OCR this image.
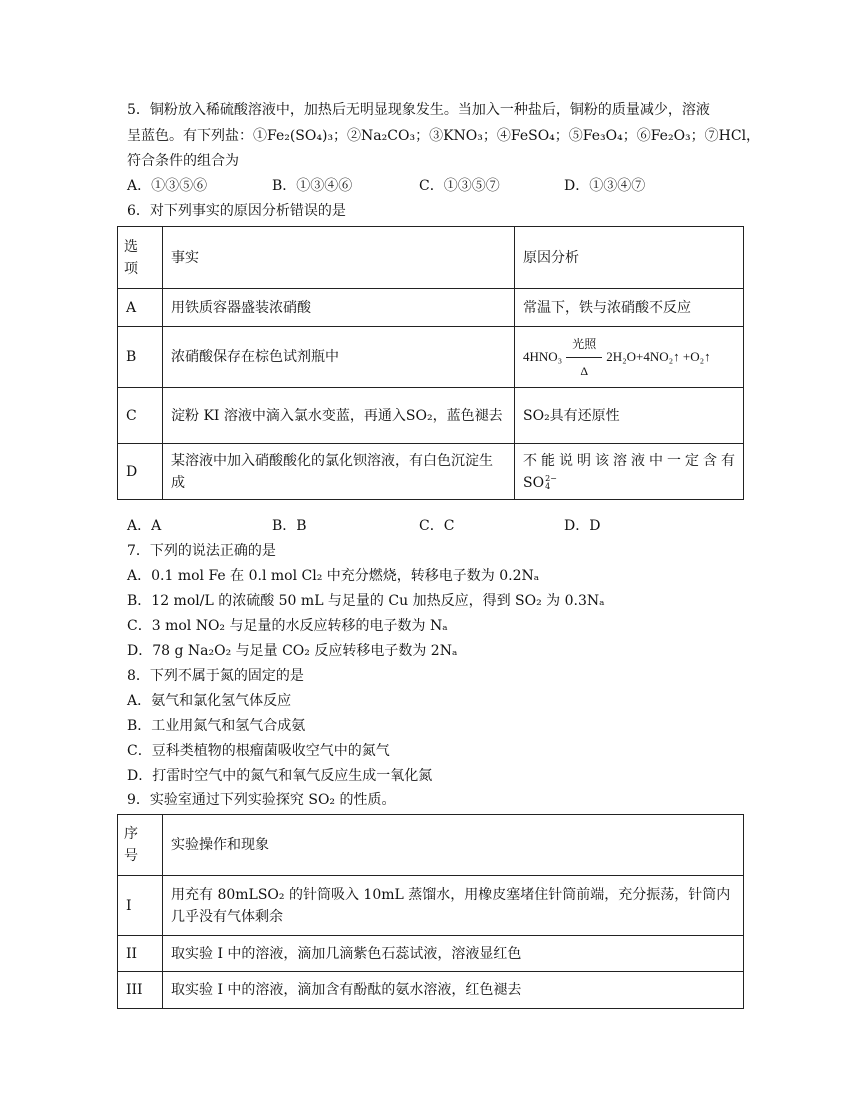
5．铜粉放入稀硫酸溶液中，加热后无明显现象发生。当加入一种盐后，铜粉的质量减少，溶液
呈蓝色。有下列盐：①Fe₂(SO₄)₃；②Na₂CO₃；③KNO₃；④FeSO₄；⑤Fe₃O₄；⑥Fe₂O₃；⑦HCl，
符合条件的组合为
A．①③⑤⑥	B．①③④⑥	C．①③⑤⑦	D．①③④⑦
6．对下列事实的原因分析错误的是
选项	事实	原因分析
A	用铁质容器盛装浓硝酸	常温下，铁与浓硝酸不反应
B	浓硝酸保存在棕色试剂瓶中	4HNO₃
光照
Δ
2H₂O+4NO₂↑ +O₂↑

C	淀粉 KI 溶液中滴入氯水变蓝，再通入SO₂，蓝色褪去	SO₂具有还原性
D	某溶液中加入硝酸酸化的氯化钡溶液，有白色沉淀生成	不能说明该溶液中一定含有
SO 2−
4
A．A	B．B	C．C	D．D
7．下列的说法正确的是
A．0.1 mol Fe 在 0.l mol Cl₂ 中充分燃烧，转移电子数为 0.2Nₐ
B．12 mol/L 的浓硫酸 50 mL 与足量的 Cu 加热反应，得到 SO₂ 为 0.3Nₐ
C．3 mol NO₂ 与足量的水反应转移的电子数为 Nₐ
D．78 g Na₂O₂ 与足量 CO₂ 反应转移电子数为 2Nₐ
8．下列不属于氮的固定的是
A．氨气和氯化氢气体反应
B．工业用氮气和氢气合成氨
C．豆科类植物的根瘤菌吸收空气中的氮气
D．打雷时空气中的氮气和氧气反应生成一氧化氮
9．实验室通过下列实验探究 SO₂ 的性质。
序号	实验操作和现象
I	用充有 80mLSO₂ 的针筒吸入 10mL 蒸馏水，用橡皮塞堵住针筒前端，充分振荡，针筒内几乎没有气体剩余
II	取实验 I 中的溶液，滴加几滴紫色石蕊试液，溶液显红色
III	取实验 I 中的溶液，滴加含有酚酞的氨水溶液，红色褪去
